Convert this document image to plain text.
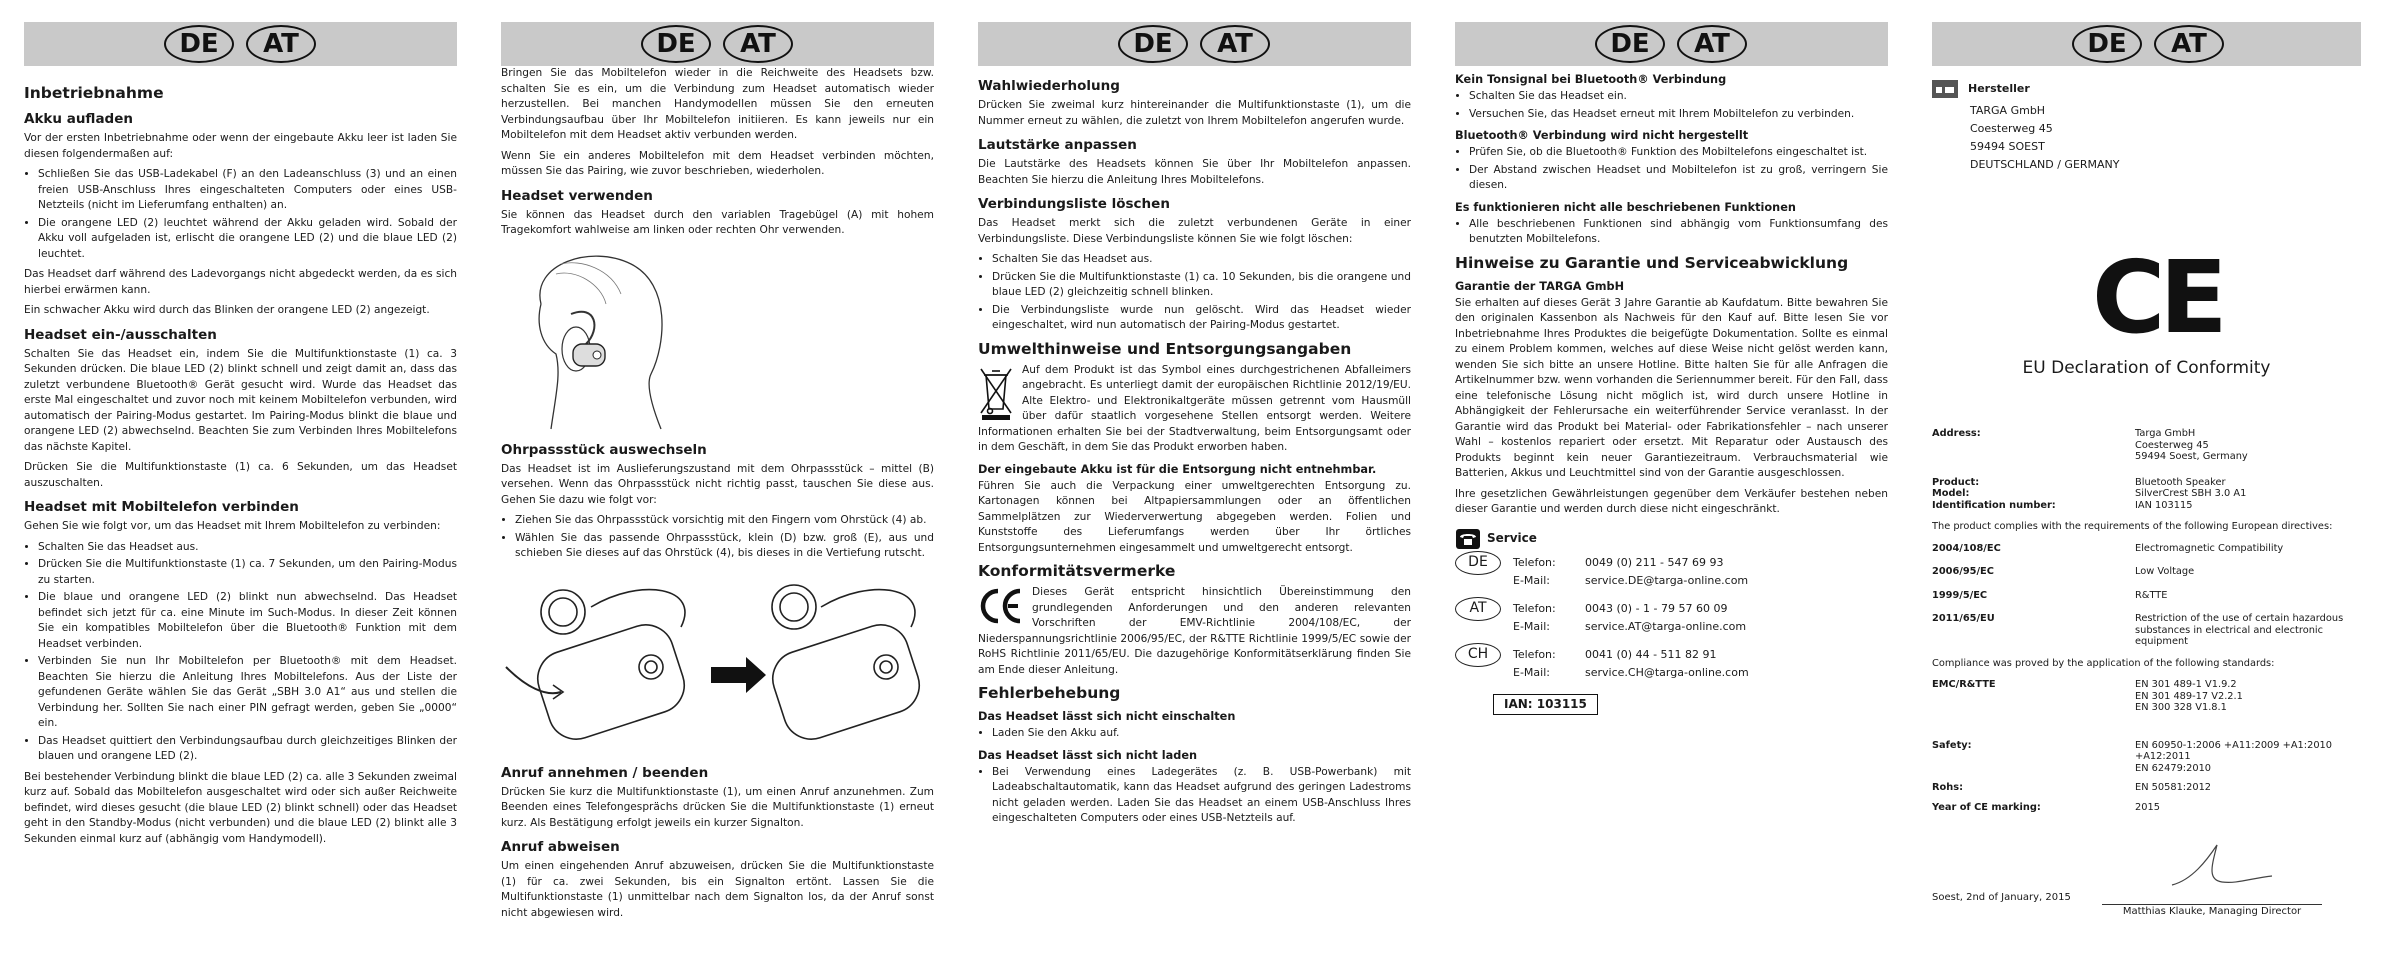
DE	AT
Inbetriebnahme
Akku aufladen

Vor der ersten Inbetriebnahme oder wenn der eingebaute Akku leer ist laden Sie diesen folgendermaßen auf:

• Schließen Sie das USB-Ladekabel (F) an den Ladeanschluss (3) und an einen freien USB-Anschluss Ihres eingeschalteten Computers oder eines USB-Netzteils (nicht im Lieferumfang enthalten) an.
• Die orangene LED (2) leuchtet während der Akku geladen wird. Sobald der Akku voll aufgeladen ist, erlischt die orangene LED (2) und die blaue LED (2) leuchtet.

Das Headset darf während des Ladevorgangs nicht abgedeckt werden, da es sich hierbei erwärmen kann.

Ein schwacher Akku wird durch das Blinken der orangene LED (2) angezeigt.

Headset ein-/ausschalten

Schalten Sie das Headset ein, indem Sie die Multifunktionstaste (1) ca. 3 Sekunden drücken. Die blaue LED (2) blinkt schnell und zeigt damit an, dass das zuletzt verbundene Bluetooth® Gerät gesucht wird. Wurde das Headset das erste Mal eingeschaltet und zuvor noch mit keinem Mobiltelefon verbunden, wird automatisch der Pairing-Modus gestartet. Im Pairing-Modus blinkt die blaue und orangene LED (2) abwechselnd. Beachten Sie zum Verbinden Ihres Mobiltelefons das nächste Kapitel.

Drücken Sie die Multifunktionstaste (1) ca. 6 Sekunden, um das Headset auszuschalten.

Headset mit Mobiltelefon verbinden

Gehen Sie wie folgt vor, um das Headset mit Ihrem Mobiltelefon zu verbinden:

• Schalten Sie das Headset aus.
• Drücken Sie die Multifunktionstaste (1) ca. 7 Sekunden, um den Pairing-Modus zu starten.
• Die blaue und orangene LED (2) blinkt nun abwechselnd. Das Headset befindet sich jetzt für ca. eine Minute im Such-Modus. In dieser Zeit können Sie ein kompatibles Mobiltelefon über die Bluetooth® Funktion mit dem Headset verbinden.
• Verbinden Sie nun Ihr Mobiltelefon per Bluetooth® mit dem Headset. Beachten Sie hierzu die Anleitung Ihres Mobiltelefons. Aus der Liste der gefundenen Geräte wählen Sie das Gerät „SBH 3.0 A1“ aus und stellen die Verbindung her. Sollten Sie nach einer PIN gefragt werden, geben Sie „0000“ ein.
• Das Headset quittiert den Verbindungsaufbau durch gleichzeitiges Blinken der blauen und orangene LED (2).

Bei bestehender Verbindung blinkt die blaue LED (2) ca. alle 3 Sekunden zweimal kurz auf. Sobald das Mobiltelefon ausgeschaltet wird oder sich außer Reichweite befindet, wird dieses gesucht (die blaue LED (2) blinkt schnell) oder das Headset geht in den Standby-Modus (nicht verbunden) und die blaue LED (2) blinkt alle 3 Sekunden einmal kurz auf (abhängig vom Handymodell).

DE	AT

Bringen Sie das Mobiltelefon wieder in die Reichweite des Headsets bzw. schalten Sie es ein, um die Verbindung zum Headset automatisch wieder herzustellen. Bei manchen Handymodellen müssen Sie den erneuten Verbindungsaufbau über Ihr Mobiltelefon initiieren. Es kann jeweils nur ein Mobiltelefon mit dem Headset aktiv verbunden werden.

Wenn Sie ein anderes Mobiltelefon mit dem Headset verbinden möchten, müssen Sie das Pairing, wie zuvor beschrieben, wiederholen.

Headset verwenden

Sie können das Headset durch den variablen Tragebügel (A) mit hohem Tragekomfort wahlweise am linken oder rechten Ohr verwenden.

Ohrpassstück auswechseln

Das Headset ist im Auslieferungszustand mit dem Ohrpassstück – mittel (B) versehen. Wenn das Ohrpassstück nicht richtig passt, tauschen Sie diese aus. Gehen Sie dazu wie folgt vor:

• Ziehen Sie das Ohrpassstück vorsichtig mit den Fingern vom Ohrstück (4) ab.
• Wählen Sie das passende Ohrpassstück, klein (D) bzw. groß (E), aus und schieben Sie dieses auf das Ohrstück (4), bis dieses in die Vertiefung rutscht.
Anruf annehmen / beenden

Drücken Sie kurz die Multifunktionstaste (1), um einen Anruf anzunehmen. Zum Beenden eines Telefongesprächs drücken Sie die Multifunktionstaste (1) erneut kurz. Als Bestätigung erfolgt jeweils ein kurzer Signalton.

Anruf abweisen

Um einen eingehenden Anruf abzuweisen, drücken Sie die Multifunktionstaste (1) für ca. zwei Sekunden, bis ein Signalton ertönt. Lassen Sie die Multifunktionstaste (1) unmittelbar nach dem Signalton los, da der Anruf sonst nicht abgewiesen wird.

DE	AT
Wahlwiederholung

Drücken Sie zweimal kurz hintereinander die Multifunktionstaste (1), um die Nummer erneut zu wählen, die zuletzt von Ihrem Mobiltelefon angerufen wurde.

Lautstärke anpassen

Die Lautstärke des Headsets können Sie über Ihr Mobiltelefon anpassen. Beachten Sie hierzu die Anleitung Ihres Mobiltelefons.

Verbindungsliste löschen

Das Headset merkt sich die zuletzt verbundenen Geräte in einer Verbindungsliste. Diese Verbindungsliste können Sie wie folgt löschen:

• Schalten Sie das Headset aus.
• Drücken Sie die Multifunktionstaste (1) ca. 10 Sekunden, bis die orangene und blaue LED (2) gleichzeitig schnell blinken.
• Die Verbindungsliste wurde nun gelöscht. Wird das Headset wieder eingeschaltet, wird nun automatisch der Pairing-Modus gestartet.
Umwelthinweise und Entsorgungsangaben

Auf dem Produkt ist das Symbol eines durchgestrichenen Abfalleimers angebracht. Es unterliegt damit der europäischen Richtlinie 2012/19/EU. Alte Elektro- und Elektronikaltgeräte müssen getrennt vom Hausmüll über dafür staatlich vorgesehene Stellen entsorgt werden. Weitere Informationen erhalten Sie bei der Stadtverwaltung, beim Entsorgungsamt oder in dem Geschäft, in dem Sie das Produkt erworben haben.

Der eingebaute Akku ist für die Entsorgung nicht entnehmbar.

Führen Sie auch die Verpackung einer umweltgerechten Entsorgung zu. Kartonagen können bei Altpapiersammlungen oder an öffentlichen Sammelplätzen zur Wiederverwertung abgegeben werden. Folien und Kunststoffe des Lieferumfangs werden über Ihr örtliches Entsorgungsunternehmen eingesammelt und umweltgerecht entsorgt.

Konformitätsvermerke

Dieses Gerät entspricht hinsichtlich Übereinstimmung den grundlegenden Anforderungen und den anderen relevanten Vorschriften der EMV-Richtlinie 2004/108/EC, der Niederspannungsrichtlinie 2006/95/EC, der R&TTE Richtlinie 1999/5/EC sowie der RoHS Richtlinie 2011/65/EU. Die dazugehörige Konformitätserklärung finden Sie am Ende dieser Anleitung.

Fehlerbehebung
Das Headset lässt sich nicht einschalten
• Laden Sie den Akku auf.
Das Headset lässt sich nicht laden
• Bei Verwendung eines Ladegerätes (z. B. USB-Powerbank) mit Ladeabschaltautomatik, kann das Headset aufgrund des geringen Ladestroms nicht geladen werden. Laden Sie das Headset an einem USB-Anschluss Ihres eingeschalteten Computers oder eines USB-Netzteils auf.
DE	AT
Kein Tonsignal bei Bluetooth® Verbindung
• Schalten Sie das Headset ein.
• Versuchen Sie, das Headset erneut mit Ihrem Mobiltelefon zu verbinden.
Bluetooth® Verbindung wird nicht hergestellt
• Prüfen Sie, ob die Bluetooth® Funktion des Mobiltelefons eingeschaltet ist.
• Der Abstand zwischen Headset und Mobiltelefon ist zu groß, verringern Sie diesen.
Es funktionieren nicht alle beschriebenen Funktionen
• Alle beschriebenen Funktionen sind abhängig vom Funktionsumfang des benutzten Mobiltelefons.
Hinweise zu Garantie und Serviceabwicklung
Garantie der TARGA GmbH

Sie erhalten auf dieses Gerät 3 Jahre Garantie ab Kaufdatum. Bitte bewahren Sie den originalen Kassenbon als Nachweis für den Kauf auf. Bitte lesen Sie vor Inbetriebnahme Ihres Produktes die beigefügte Dokumentation. Sollte es einmal zu einem Problem kommen, welches auf diese Weise nicht gelöst werden kann, wenden Sie sich bitte an unsere Hotline. Bitte halten Sie für alle Anfragen die Artikelnummer bzw. wenn vorhanden die Seriennummer bereit. Für den Fall, dass eine telefonische Lösung nicht möglich ist, wird durch unsere Hotline in Abhängigkeit der Fehlerursache ein weiterführender Service veranlasst. In der Garantie wird das Produkt bei Material- oder Fabrikationsfehler – nach unserer Wahl – kostenlos repariert oder ersetzt. Mit Reparatur oder Austausch des Produkts beginnt kein neuer Garantiezeitraum. Verbrauchsmaterial wie Batterien, Akkus und Leuchtmittel sind von der Garantie ausgeschlossen.

Ihre gesetzlichen Gewährleistungen gegenüber dem Verkäufer bestehen neben dieser Garantie und werden durch diese nicht eingeschränkt.

Service
DE	Telefon:	0049 (0) 211 - 547 69 93
E-Mail:	service.DE@targa-online.com
AT	Telefon:	0043 (0) - 1 - 79 57 60 09
E-Mail:	service.AT@targa-online.com
CH	Telefon:	0041 (0) 44 - 511 82 91
E-Mail:	service.CH@targa-online.com
IAN: 103115
DE	AT
Hersteller
TARGA GmbH
Coesterweg 45
59494 SOEST
DEUTSCHLAND / GERMANY
CE
EU Declaration of Conformity
Address:	Targa GmbH
Coesterweg 45
59494 Soest, Germany

Product:	Bluetooth Speaker
Model:	SilverCrest SBH 3.0 A1
Identification number:	IAN 103115

The product complies with the requirements of the following European directives:	

2004/108/EC	Electromagnetic Compatibility

2006/95/EC	Low Voltage

1999/5/EC	R&TTE

2011/65/EU	Restriction of the use of certain hazardous substances in electrical and electronic equipment

Compliance was proved by the application of the following standards:	

EMC/R&TTE	EN 301 489-1 V1.9.2
EN 301 489-17 V2.2.1
EN 300 328 V1.8.1

Safety:	EN 60950-1:2006 +A11:2009 +A1:2010
+A12:2011
EN 62479:2010

Rohs:	EN 50581:2012

Year of CE marking:	2015
Soest, 2nd of January, 2015
Matthias Klauke, Managing Director
